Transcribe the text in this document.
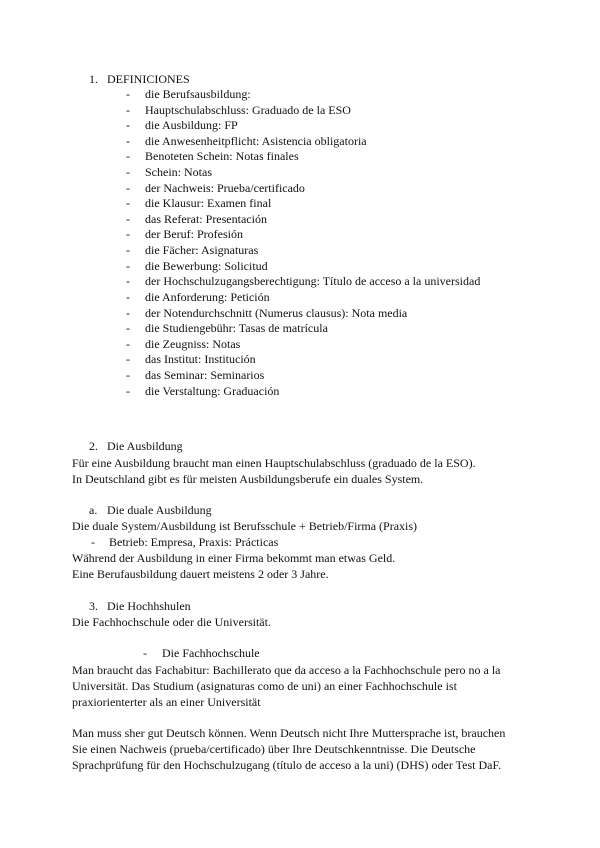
1. DEFINICIONES
- die Berufsausbildung:
- Hauptschulabschluss: Graduado de la ESO
- die Ausbildung: FP
- die Anwesenheitpflicht: Asistencia obligatoria
- Benoteten Schein: Notas finales
- Schein: Notas
- der Nachweis: Prueba/certificado
- die Klausur: Examen final
- das Referat: Presentación
- der Beruf: Profesión
- die Fächer: Asignaturas
- die Bewerbung: Solicitud
- der Hochschulzugangsberechtigung: Título de acceso a la universidad
- die Anforderung: Petición
- der Notendurchschnitt (Numerus clausus): Nota media
- die Studiengebühr: Tasas de matrícula
- die Zeugniss: Notas
- das Institut: Institución
- das Seminar: Seminarios
- die Verstaltung: Graduación
2. Die Ausbildung
Für eine Ausbildung braucht man einen Hauptschulabschluss (graduado de la ESO).
In Deutschland gibt es für meisten Ausbildungsberufe ein duales System.
a. Die duale Ausbildung
Die duale System/Ausbildung ist Berufsschule + Betrieb/Firma (Praxis)
- Betrieb: Empresa, Praxis: Prácticas
Während der Ausbildung in einer Firma bekommt man etwas Geld.
Eine Berufausbildung dauert meistens 2 oder 3 Jahre.
3. Die Hochhshulen
Die Fachhochschule oder die Universität.
- Die Fachhochschule
Man braucht das Fachabitur: Bachillerato que da acceso a la Fachhochschule pero no a la
Universität. Das Studium (asignaturas como de uni) an einer Fachhochschule ist
praxiorienterter als an einer Universität
Man muss sher gut Deutsch können. Wenn Deutsch nicht Ihre Muttersprache ist, brauchen
Sie einen Nachweis (prueba/certificado) über Ihre Deutschkenntnisse. Die Deutsche
Sprachprüfung für den Hochschulzugang (título de acceso a la uni) (DHS) oder Test DaF.
